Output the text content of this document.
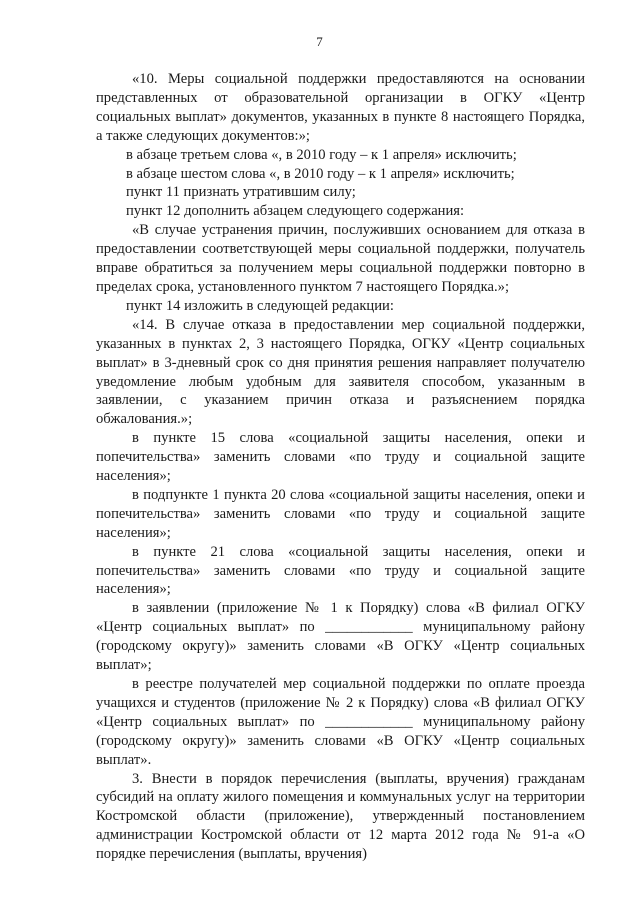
7

«10. Меры социальной поддержки предоставляются на основании представленных от образовательной организации в ОГКУ «Центр социальных выплат» документов, указанных в пункте 8 настоящего Порядка, а также следующих документов:»;

в абзаце третьем слова «, в 2010 году – к 1 апреля» исключить;

в абзаце шестом слова «, в 2010 году – к 1 апреля» исключить;

пункт 11 признать утратившим силу;

пункт 12 дополнить абзацем следующего содержания:

«В случае устранения причин, послуживших основанием для отказа в предоставлении соответствующей меры социальной поддержки, получатель вправе обратиться за получением меры социальной поддержки повторно в пределах срока, установленного пунктом 7 настоящего Порядка.»;

пункт 14 изложить в следующей редакции:

«14. В случае отказа в предоставлении мер социальной поддержки, указанных в пунктах 2, 3 настоящего Порядка, ОГКУ «Центр социальных выплат» в 3-дневный срок со дня принятия решения направляет получателю уведомление любым удобным для заявителя способом, указанным в заявлении, с указанием причин отказа и разъяснением порядка обжалования.»;

в пункте 15 слова «социальной защиты населения, опеки и попечительства» заменить словами «по труду и социальной защите населения»;

в подпункте 1 пункта 20 слова «социальной защиты населения, опеки и попечительства» заменить словами «по труду и социальной защите населения»;

в пункте 21 слова «социальной защиты населения, опеки и попечительства» заменить словами «по труду и социальной защите населения»;

в заявлении (приложение № 1 к Порядку) слова «В филиал ОГКУ «Центр социальных выплат» по ____________ муниципальному району (городскому округу)» заменить словами «В ОГКУ «Центр социальных выплат»;

в реестре получателей мер социальной поддержки по оплате проезда учащихся и студентов (приложение № 2 к Порядку) слова «В филиал ОГКУ «Центр социальных выплат» по ____________ муниципальному району (городскому округу)» заменить словами «В ОГКУ «Центр социальных выплат».

3. Внести в порядок перечисления (выплаты, вручения) гражданам субсидий на оплату жилого помещения и коммунальных услуг на территории Костромской области (приложение), утвержденный постановлением администрации Костромской области от 12 марта 2012 года № 91-а «О порядке перечисления (выплаты, вручения)
